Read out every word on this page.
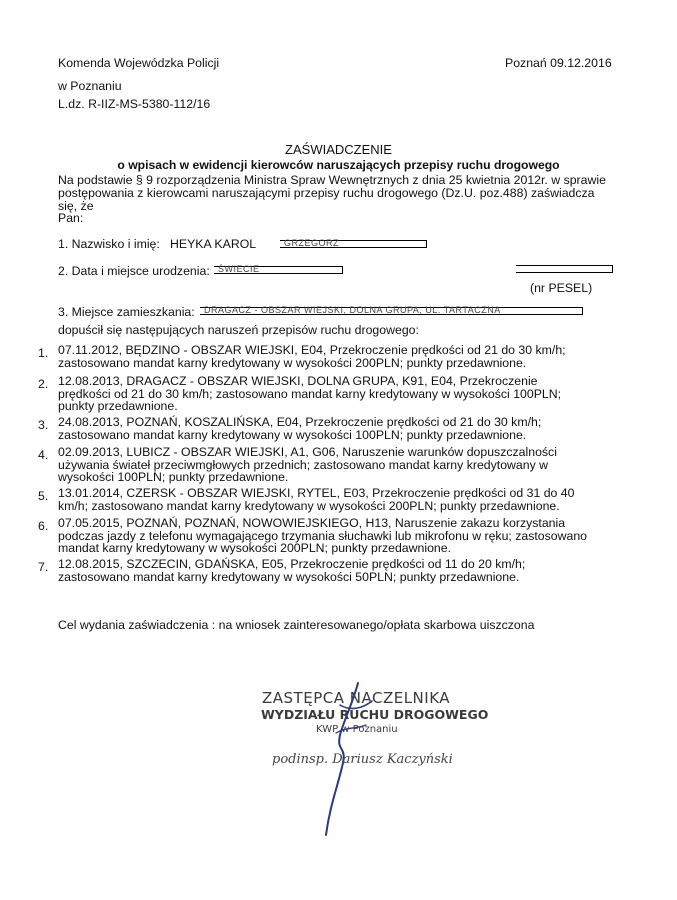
Komenda Wojewódzka Policji
w Poznaniu
L.dz. R-IIZ-MS-5380-112/16
Poznań 09.12.2016
ZAŚWIADCZENIE
o wpisach w ewidencji kierowców naruszających przepisy ruchu drogowego
Na podstawie § 9 rozporządzenia Ministra Spraw Wewnętrznych z dnia 25 kwietnia 2012r. w sprawie
postępowania z kierowcami naruszającymi przepisy ruchu drogowego (Dz.U. poz.488) zaświadcza
się, że
Pan:
1. Nazwisko i imię: HEYKA KAROL	GRZEGORZ
2. Data i miejsce urodzenia: ŚWIECIE
(nr PESEL)
3. Miejsce zamieszkania: DRAGACZ - OBSZAR WIEJSKI, DOLNA GRUPA, UL. TARTACZNA
dopuścił się następujących naruszeń przepisów ruchu drogowego:
1. 07.11.2012, BĘDZINO - OBSZAR WIEJSKI, E04, Przekroczenie prędkości od 21 do 30 km/h;
zastosowano mandat karny kredytowany w wysokości 200PLN; punkty przedawnione.
2. 12.08.2013, DRAGACZ - OBSZAR WIEJSKI, DOLNA GRUPA, K91, E04, Przekroczenie
prędkości od 21 do 30 km/h; zastosowano mandat karny kredytowany w wysokości 100PLN;
punkty przedawnione.
3. 24.08.2013, POZNAŃ, KOSZALIŃSKA, E04, Przekroczenie prędkości od 21 do 30 km/h;
zastosowano mandat karny kredytowany w wysokości 100PLN; punkty przedawnione.
4. 02.09.2013, LUBICZ - OBSZAR WIEJSKI, A1, G06, Naruszenie warunków dopuszczalności
używania świateł przeciwmgłowych przednich; zastosowano mandat karny kredytowany w
wysokości 100PLN; punkty przedawnione.
5. 13.01.2014, CZERSK - OBSZAR WIEJSKI, RYTEL, E03, Przekroczenie prędkości od 31 do 40
km/h; zastosowano mandat karny kredytowany w wysokości 200PLN; punkty przedawnione.
6. 07.05.2015, POZNAŃ, POZNAŃ, NOWOWIEJSKIEGO, H13, Naruszenie zakazu korzystania
podczas jazdy z telefonu wymagającego trzymania słuchawki lub mikrofonu w ręku; zastosowano
mandat karny kredytowany w wysokości 200PLN; punkty przedawnione.
7. 12.08.2015, SZCZECIN, GDAŃSKA, E05, Przekroczenie prędkości od 11 do 20 km/h;
zastosowano mandat karny kredytowany w wysokości 50PLN; punkty przedawnione.
Cel wydania zaświadczenia : na wniosek zainteresowanego/opłata skarbowa uiszczona
ZASTĘPCA NACZELNIKA
WYDZIAŁU RUCHU DROGOWEGO
KWP w Poznaniu
podinsp. Dariusz Kaczyński
